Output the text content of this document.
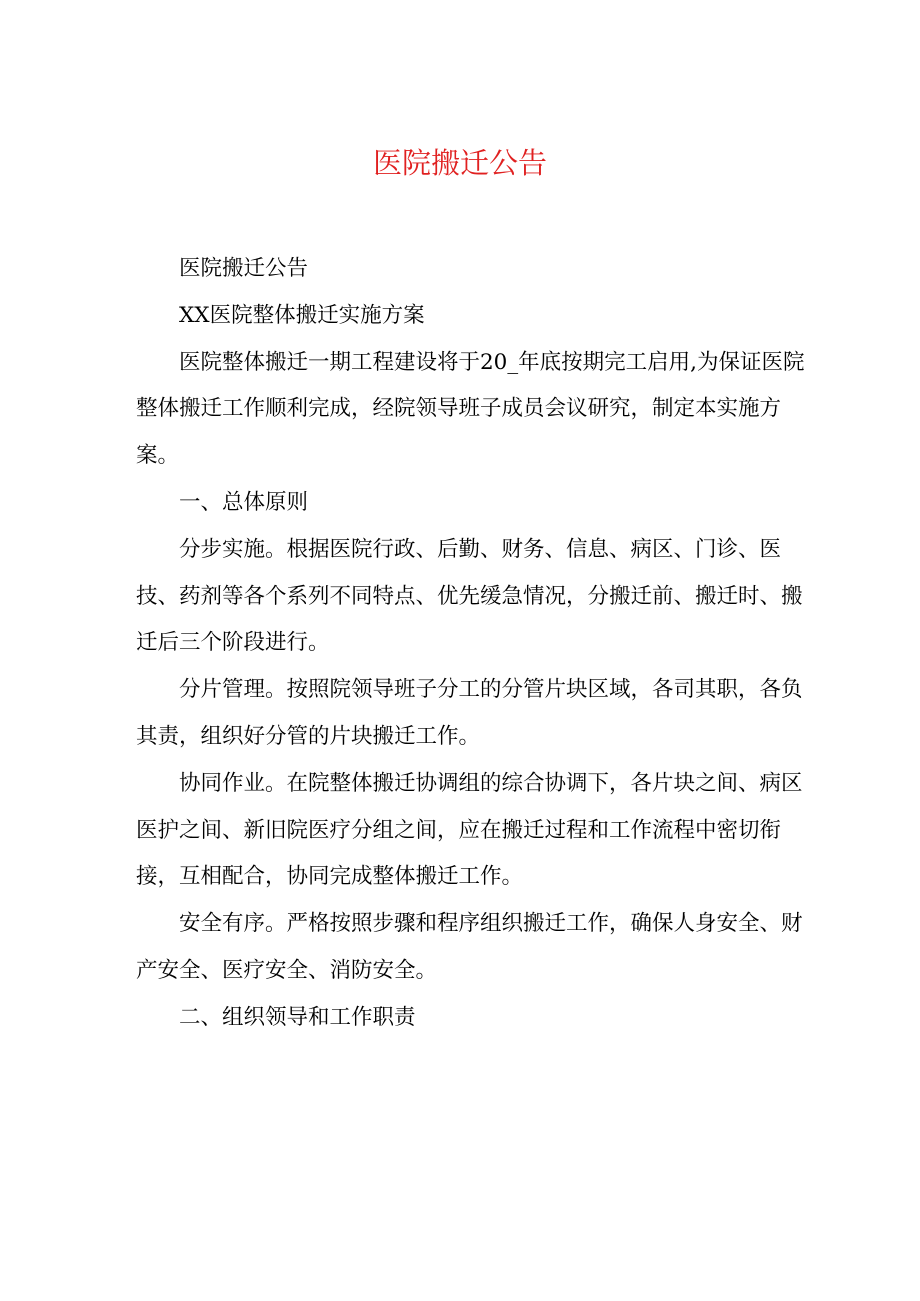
医院搬迁公告

医院搬迁公告

XX医院整体搬迁实施方案

医院整体搬迁一期工程建设将于20_年底按期完工启用,为保证医院整体搬迁工作顺利完成，经院领导班子成员会议研究，制定本实施方案。

一、总体原则

分步实施。根据医院行政、后勤、财务、信息、病区、门诊、医技、药剂等各个系列不同特点、优先缓急情况，分搬迁前、搬迁时、搬迁后三个阶段进行。

分片管理。按照院领导班子分工的分管片块区域，各司其职，各负其责，组织好分管的片块搬迁工作。

协同作业。在院整体搬迁协调组的综合协调下，各片块之间、病区医护之间、新旧院医疗分组之间，应在搬迁过程和工作流程中密切衔接，互相配合，协同完成整体搬迁工作。

安全有序。严格按照步骤和程序组织搬迁工作，确保人身安全、财产安全、医疗安全、消防安全。

二、组织领导和工作职责
